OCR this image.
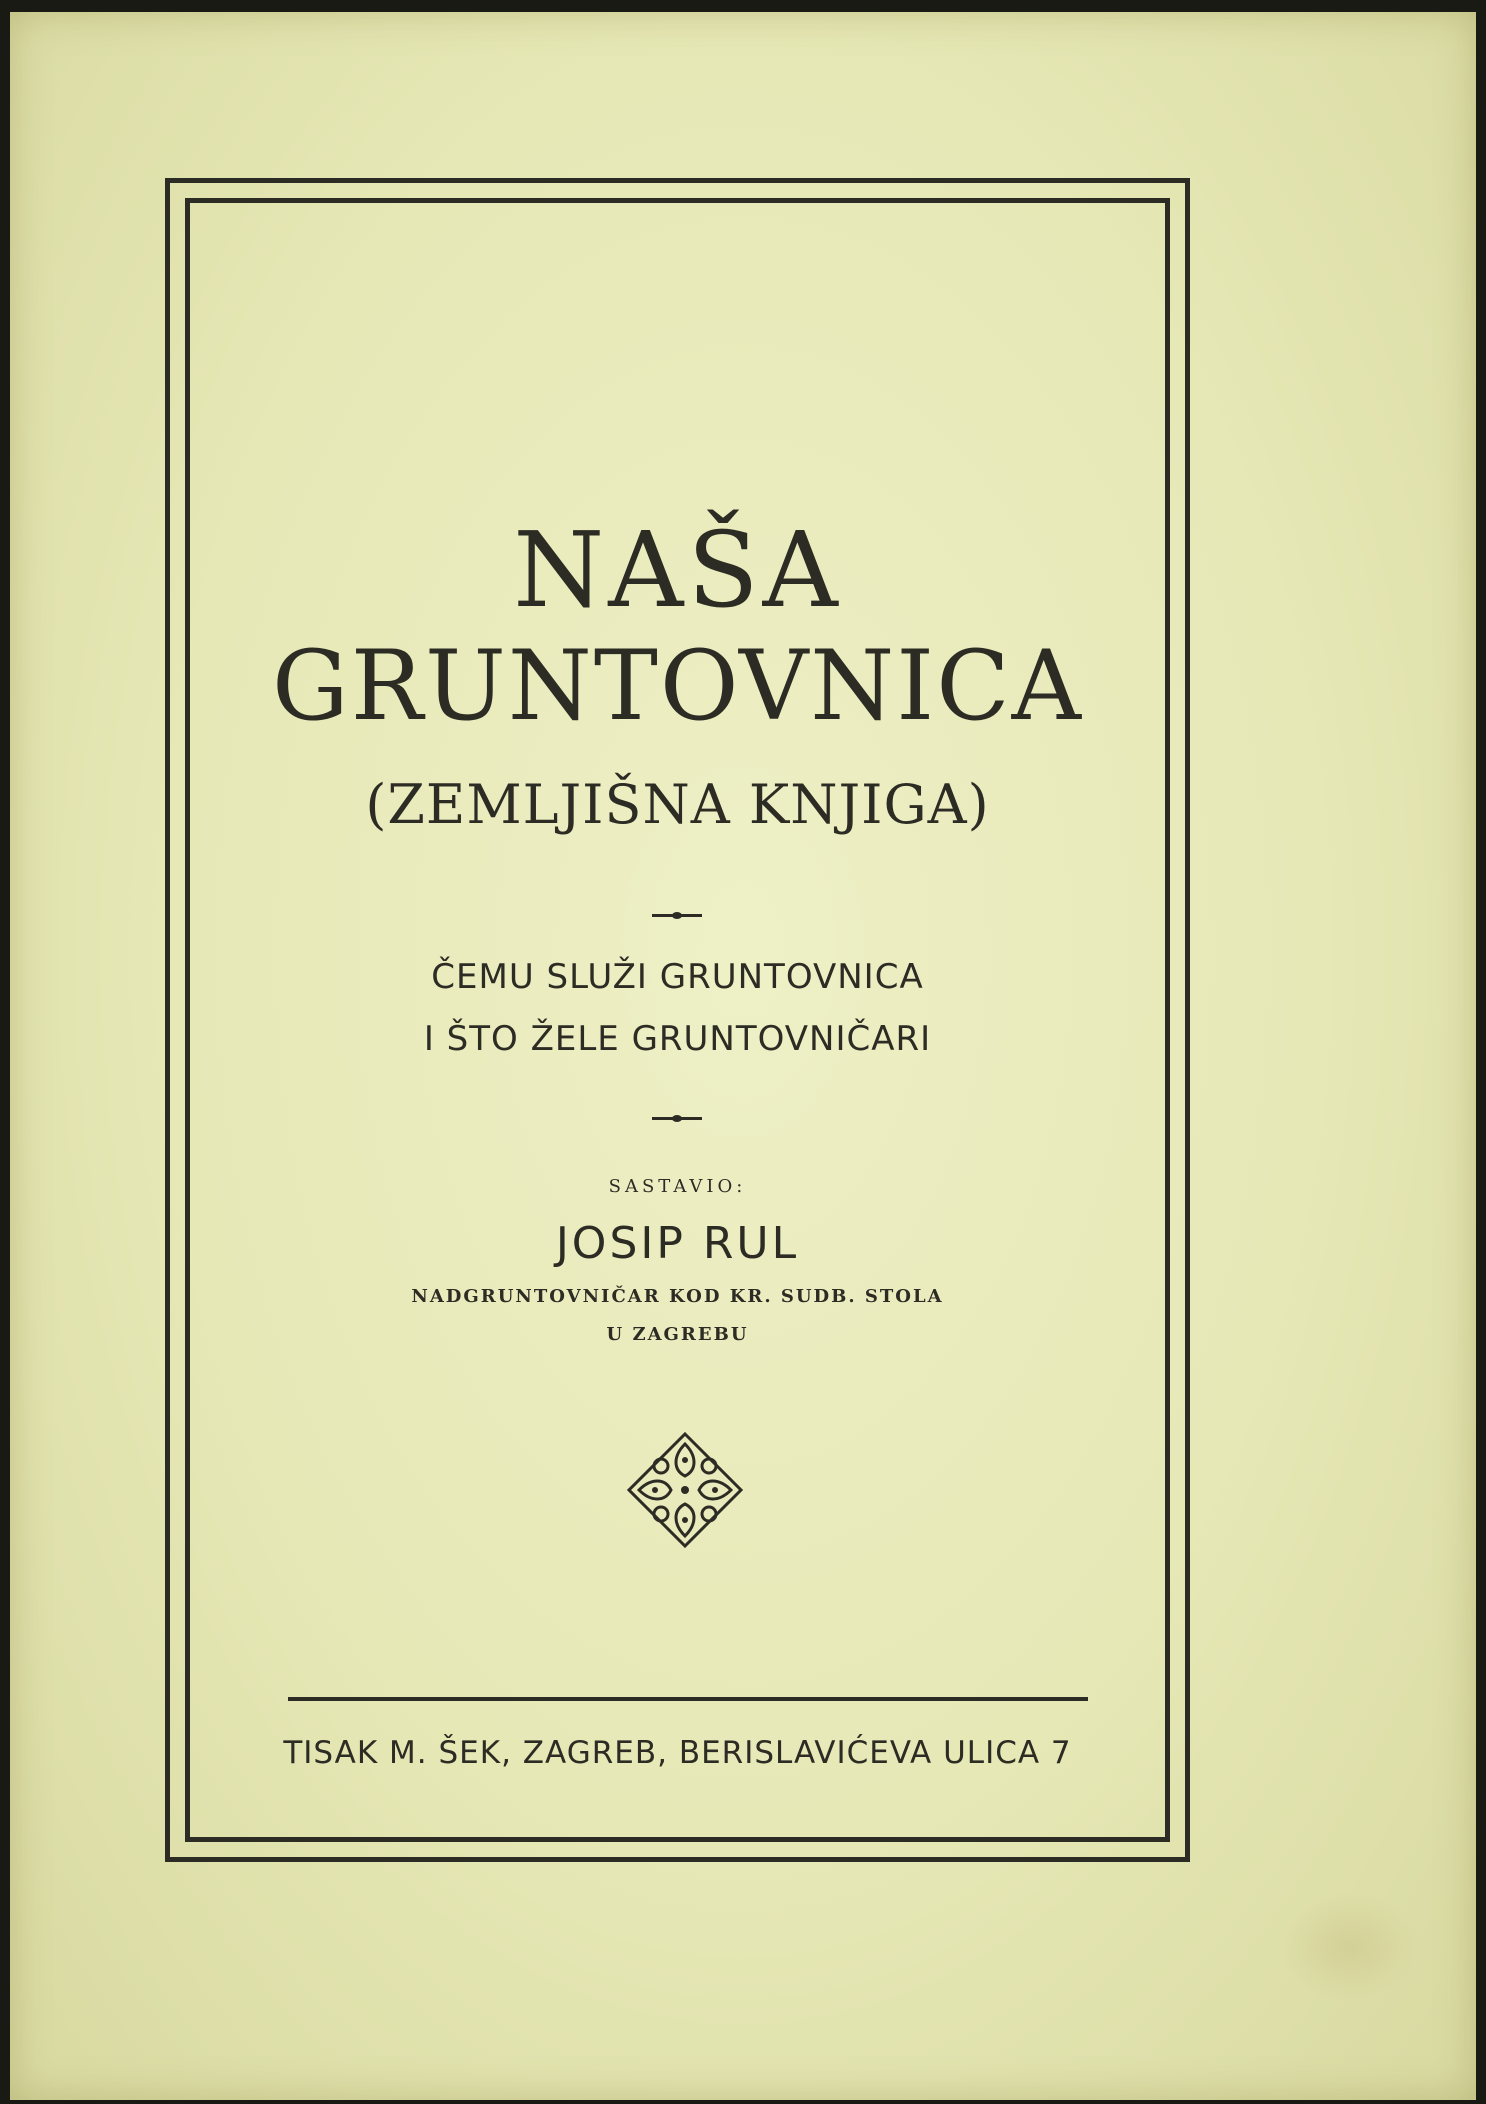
NAŠA
GRUNTOVNICA
(ZEMLJIŠNA KNJIGA)
ČEMU SLUŽI GRUNTOVNICA
I ŠTO ŽELE GRUNTOVNIČARI
SASTAVIO:
JOSIP RUL
NADGRUNTOVNIČAR KOD KR. SUDB. STOLA
U ZAGREBU
TISAK M. ŠEK, ZAGREB, BERISLAVIĆEVA ULICA 7
